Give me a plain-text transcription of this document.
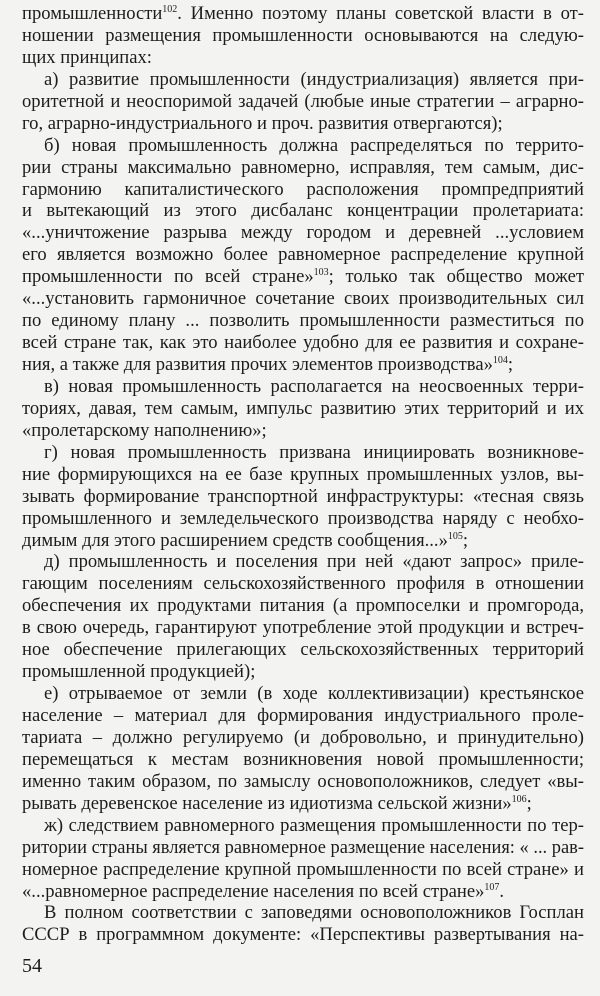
промышленности$^{102}$. Именно поэтому планы советской власти в от-
ношении размещения промышленности основываются на следую-
щих принципах:
а) развитие промышленности (индустриализация) является при-
оритетной и неоспоримой задачей (любые иные стратегии – аграрно-
го, аграрно-индустриального и проч. развития отвергаются);
б) новая промышленность должна распределяться по террито-
рии страны максимально равномерно, исправляя, тем самым, дис-
гармонию капиталистического расположения промпредприятий
и вытекающий из этого дисбаланс концентрации пролетариата:
«...уничтожение разрыва между городом и деревней ...условием
его является возможно более равномерное распределение крупной
промышленности по всей стране»$^{103}$; только так общество может
«...установить гармоничное сочетание своих производительных сил
по единому плану ... позволить промышленности разместиться по
всей стране так, как это наиболее удобно для ее развития и сохране-
ния, а также для развития прочих элементов производства»$^{104}$;
в) новая промышленность располагается на неосвоенных терри-
ториях, давая, тем самым, импульс развитию этих территорий и их
«пролетарскому наполнению»;
г) новая промышленность призвана инициировать возникнове-
ние формирующихся на ее базе крупных промышленных узлов, вы-
зывать формирование транспортной инфраструктуры: «тесная связь
промышленного и земледельческого производства наряду с необхо-
димым для этого расширением средств сообщения...»$^{105}$;
д) промышленность и поселения при ней «дают запрос» приле-
гающим поселениям сельскохозяйственного профиля в отношении
обеспечения их продуктами питания (а промпоселки и промгорода,
в свою очередь, гарантируют употребление этой продукции и встреч-
ное обеспечение прилегающих сельскохозяйственных территорий
промышленной продукцией);
е) отрываемое от земли (в ходе коллективизации) крестьянское
население – материал для формирования индустриального проле-
тариата – должно регулируемо (и добровольно, и принудительно)
перемещаться к местам возникновения новой промышленности;
именно таким образом, по замыслу основоположников, следует «вы-
рывать деревенское население из идиотизма сельской жизни»$^{106}$;
ж) следствием равномерного размещения промышленности по тер-
ритории страны является равномерное размещение населения: « ... рав-
номерное распределение крупной промышленности по всей стране» и
«...равномерное распределение населения по всей стране»$^{107}$.
В полном соответствии с заповедями основоположников Госплан
СССР в программном документе: «Перспективы развертывания на-
54
